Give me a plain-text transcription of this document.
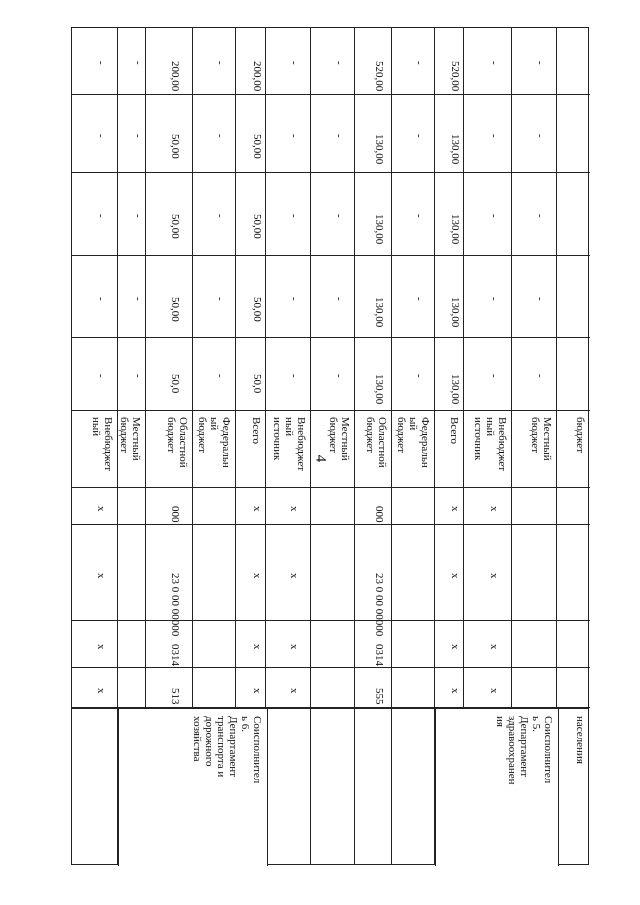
4
бюджет
населения
-
-
-
-
-
Местный
бюджет
-
-
-
-
-
Внебюджет
ный
источник
х
х
х
х
520,00
130,00
130,00
130,00
130,00
Всего
х
х
х
х
-
-
-
-
-
Федеральн
ый бюджет
520,00
130,00
130,00
130,00
130,00
Областной
бюджет
000
23 0 00 00000
0314
555
-
-
-
-
-
Местный
бюджет
-
-
-
-
-
Внебюджет
ный
источник
х
х
х
х
200,00
50,00
50,00
50,00
50,0
Всего
х
х
х
х
-
-
-
-
-
Федеральн
ый бюджет
200,00
50,00
50,00
50,00
50,0
Областной
бюджет
000
23 0 00 00000
0314
513
-
-
-
-
-
Местный
бюджет
-
-
-
-
-
Внебюджет
ный
х
х
х
х
Соисполнител
ь 5.
Департамент
здравоохранен
ия
Соисполнител
ь 6.
Департамент
транспорта и
дорожного
хозяйства
